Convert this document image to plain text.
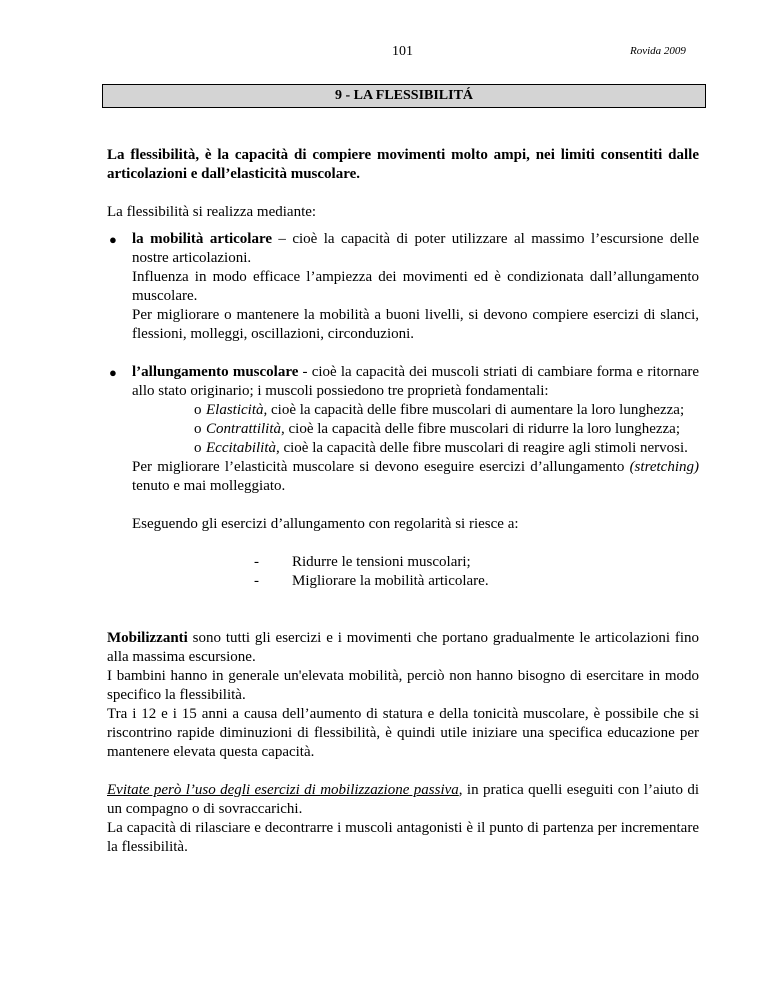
101	Rovida 2009
9 - LA FLESSIBILITÁ

La flessibilità, è la capacità di compiere movimenti molto ampi, nei limiti consentiti dalle articolazioni e dall’elasticità muscolare.

La flessibilità si realizza mediante:

● la mobilità articolare – cioè la capacità di poter utilizzare al massimo l’escursione delle nostre articolazioni.

Influenza in modo efficace l’ampiezza dei movimenti ed è condizionata dall’allungamento muscolare.

Per migliorare o mantenere la mobilità a buoni livelli, si devono compiere esercizi di slanci, flessioni, molleggi, oscillazioni, circonduzioni.

● l’allungamento muscolare - cioè la capacità dei muscoli striati di cambiare forma e ritornare allo stato originario; i muscoli possiedono tre proprietà fondamentali:

o Elasticità, cioè la capacità delle fibre muscolari di aumentare la loro lunghezza;
o Contrattilità, cioè la capacità delle fibre muscolari di ridurre la loro lunghezza;
o Eccitabilità, cioè la capacità delle fibre muscolari di reagire agli stimoli nervosi.

Per migliorare l’elasticità muscolare si devono eseguire esercizi d’allungamento (stretching) tenuto e mai molleggiato.

Eseguendo gli esercizi d’allungamento con regolarità si riesce a:

- Ridurre le tensioni muscolari;
- Migliorare la mobilità articolare.

Mobilizzanti sono tutti gli esercizi e i movimenti che portano gradualmente le articolazioni fino alla massima escursione.

I bambini hanno in generale un'elevata mobilità, perciò non hanno bisogno di esercitare in modo specifico la flessibilità.

Tra i 12 e i 15 anni a causa dell’aumento di statura e della tonicità muscolare, è possibile che si riscontrino rapide diminuzioni di flessibilità, è quindi utile iniziare una specifica educazione per mantenere elevata questa capacità.

Evitate però l’uso degli esercizi di mobilizzazione passiva, in pratica quelli eseguiti con l’aiuto di un compagno o di sovraccarichi.

La capacità di rilasciare e decontrarre i muscoli antagonisti è il punto di partenza per incrementare la flessibilità.
